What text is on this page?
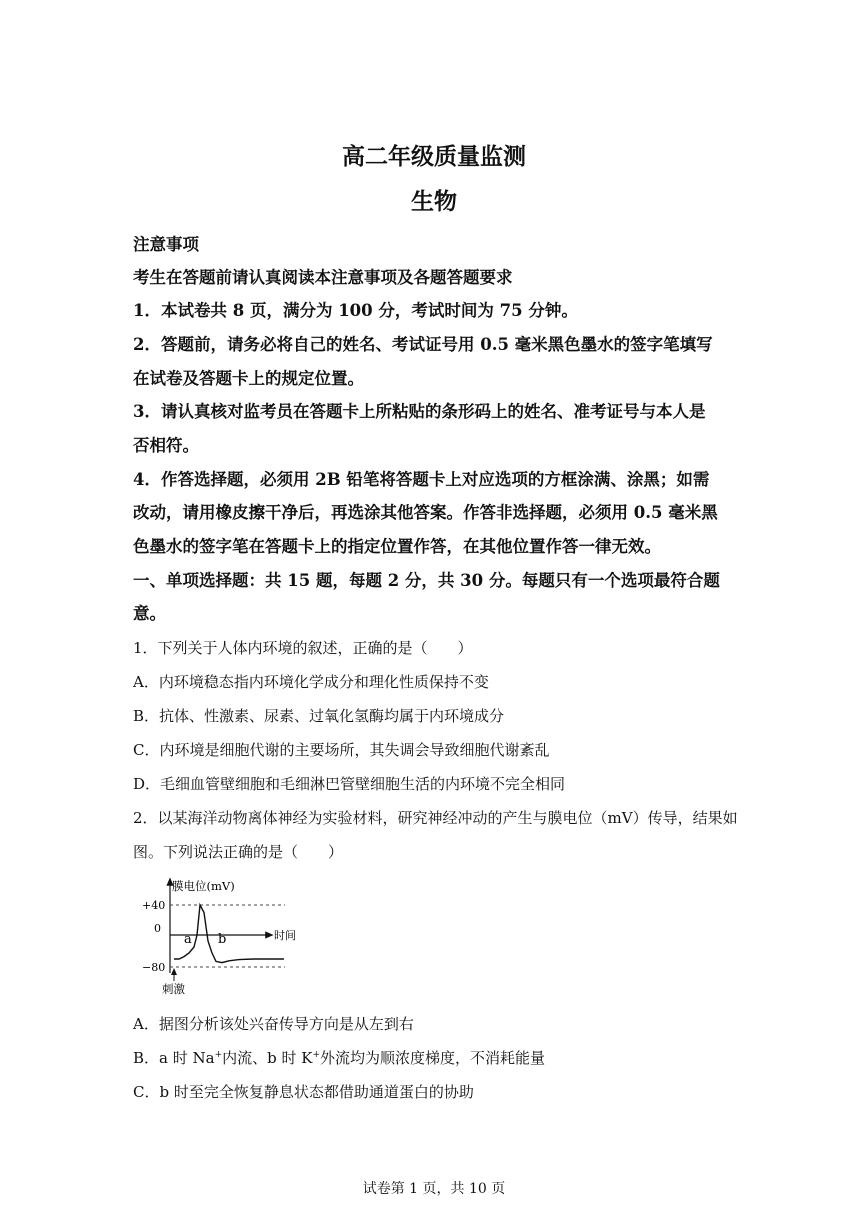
高二年级质量监测
生物
注意事项
考生在答题前请认真阅读本注意事项及各题答题要求
1．本试卷共 8 页，满分为 100 分，考试时间为 75 分钟。
2．答题前，请务必将自己的姓名、考试证号用 0.5 毫米黑色墨水的签字笔填写
在试卷及答题卡上的规定位置。
3．请认真核对监考员在答题卡上所粘贴的条形码上的姓名、准考证号与本人是
否相符。
4．作答选择题，必须用 2B 铅笔将答题卡上对应选项的方框涂满、涂黑；如需
改动，请用橡皮擦干净后，再选涂其他答案。作答非选择题，必须用 0.5 毫米黑
色墨水的签字笔在答题卡上的指定位置作答，在其他位置作答一律无效。
一、单项选择题：共 15 题，每题 2 分，共 30 分。每题只有一个选项最符合题
意。
1．下列关于人体内环境的叙述，正确的是（　　）
A．内环境稳态指内环境化学成分和理化性质保持不变
B．抗体、性激素、尿素、过氧化氢酶均属于内环境成分
C．内环境是细胞代谢的主要场所，其失调会导致细胞代谢紊乱
D．毛细血管壁细胞和毛细淋巴管壁细胞生活的内环境不完全相同
2．以某海洋动物离体神经为实验材料，研究神经冲动的产生与膜电位（mV）传导，结果如
图。下列说法正确的是（　　）
膜电位(mV)
时间
+40
0
−80
a b
刺激
A．据图分析该处兴奋传导方向是从左到右
B．a 时 Na+内流、b 时 K+外流均为顺浓度梯度，不消耗能量
C．b 时至完全恢复静息状态都借助通道蛋白的协助
试卷第 1 页，共 10 页
